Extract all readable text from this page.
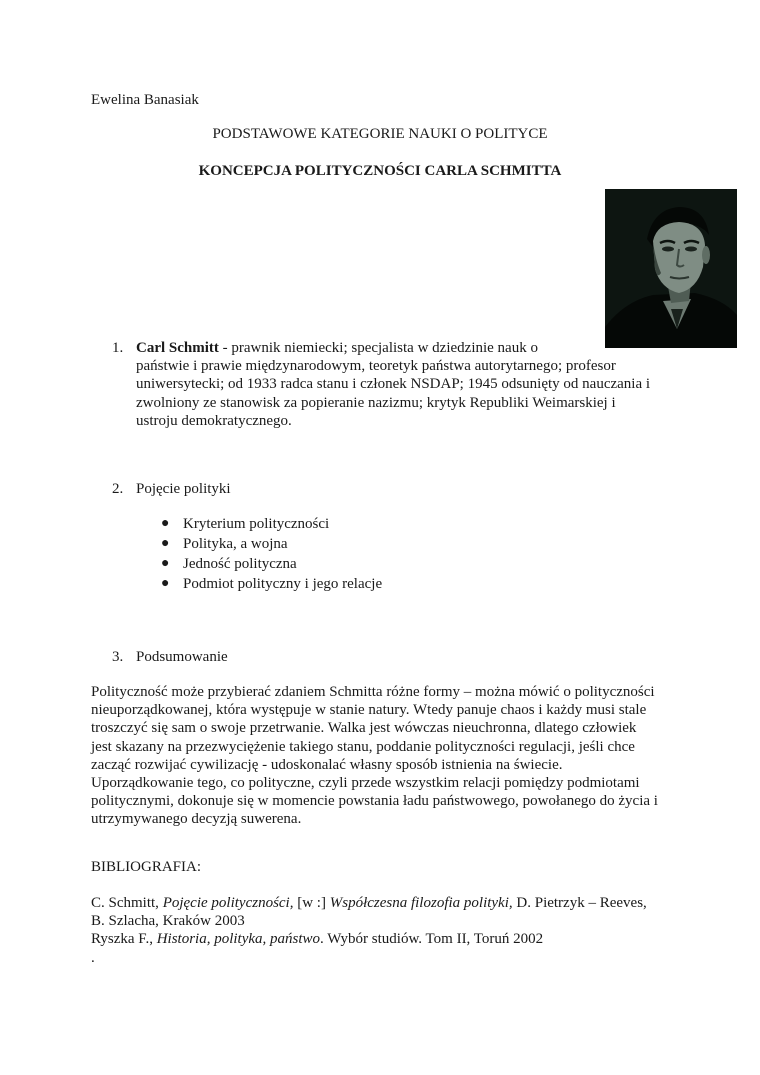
Ewelina Banasiak
PODSTAWOWE KATEGORIE NAUKI O POLITYCE
KONCEPCJA POLITYCZNOŚCI CARLA SCHMITTA
1. Carl Schmitt - prawnik niemiecki; specjalista w dziedzinie nauk o
państwie i prawie międzynarodowym, teoretyk państwa autorytarnego; profesor
uniwersytecki; od 1933 radca stanu i członek NSDAP; 1945 odsunięty od nauczania i
zwolniony ze stanowisk za popieranie nazizmu; krytyk Republiki Weimarskiej i
ustroju demokratycznego.
2. Pojęcie polityki
● Kryterium polityczności
● Polityka, a wojna
● Jedność polityczna
● Podmiot polityczny i jego relacje
3. Podsumowanie
Polityczność może przybierać zdaniem Schmitta różne formy – można mówić o polityczności
nieuporządkowanej, która występuje w stanie natury. Wtedy panuje chaos i każdy musi stale
troszczyć się sam o swoje przetrwanie. Walka jest wówczas nieuchronna, dlatego człowiek
jest skazany na przezwyciężenie takiego stanu, poddanie polityczności regulacji, jeśli chce
zacząć rozwijać cywilizację - udoskonalać własny sposób istnienia na świecie.
Uporządkowanie tego, co polityczne, czyli przede wszystkim relacji pomiędzy podmiotami
politycznymi, dokonuje się w momencie powstania ładu państwowego, powołanego do życia i
utrzymywanego decyzją suwerena.
BIBLIOGRAFIA:
C. Schmitt, Pojęcie polityczności, [w :] Współczesna filozofia polityki, D. Pietrzyk – Reeves,
B. Szlacha, Kraków 2003
Ryszka F., Historia, polityka, państwo. Wybór studiów. Tom II, Toruń 2002
.
